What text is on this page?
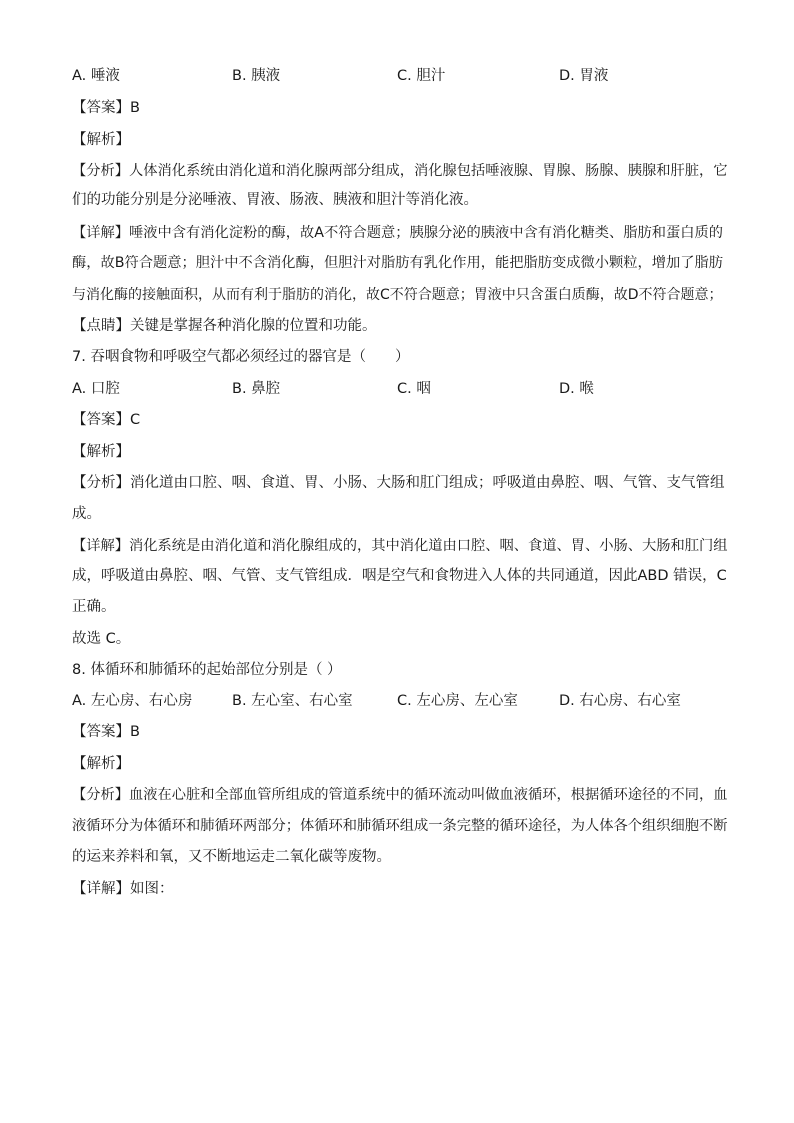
A. 唾液	B. 胰液	C. 胆汁	D. 胃液
【答案】B
【解析】
【分析】人体消化系统由消化道和消化腺两部分组成，消化腺包括唾液腺、胃腺、肠腺、胰腺和肝脏，它
们的功能分别是分泌唾液、胃液、肠液、胰液和胆汁等消化液。
【详解】唾液中含有消化淀粉的酶，故A不符合题意；胰腺分泌的胰液中含有消化糖类、脂肪和蛋白质的
酶，故B符合题意；胆汁中不含消化酶，但胆汁对脂肪有乳化作用，能把脂肪变成微小颗粒，增加了脂肪
与消化酶的接触面积，从而有利于脂肪的消化，故C不符合题意；胃液中只含蛋白质酶，故D不符合题意；
【点睛】关键是掌握各种消化腺的位置和功能。
7. 吞咽食物和呼吸空气都必须经过的器官是（　　）
A. 口腔	B. 鼻腔	C. 咽	D. 喉
【答案】C
【解析】
【分析】消化道由口腔、咽、食道、胃、小肠、大肠和肛门组成；呼吸道由鼻腔、咽、气管、支气管组
成。
【详解】消化系统是由消化道和消化腺组成的，其中消化道由口腔、咽、食道、胃、小肠、大肠和肛门组
成，呼吸道由鼻腔、咽、气管、支气管组成．咽是空气和食物进入人体的共同通道，因此ABD 错误，C
正确。
故选 C。
8. 体循环和肺循环的起始部位分别是（ ）
A. 左心房、右心房	B. 左心室、右心室	C. 左心房、左心室	D. 右心房、右心室
【答案】B
【解析】
【分析】血液在心脏和全部血管所组成的管道系统中的循环流动叫做血液循环，根据循环途径的不同，血
液循环分为体循环和肺循环两部分；体循环和肺循环组成一条完整的循环途径，为人体各个组织细胞不断
的运来养料和氧，又不断地运走二氧化碳等废物。
【详解】如图：
